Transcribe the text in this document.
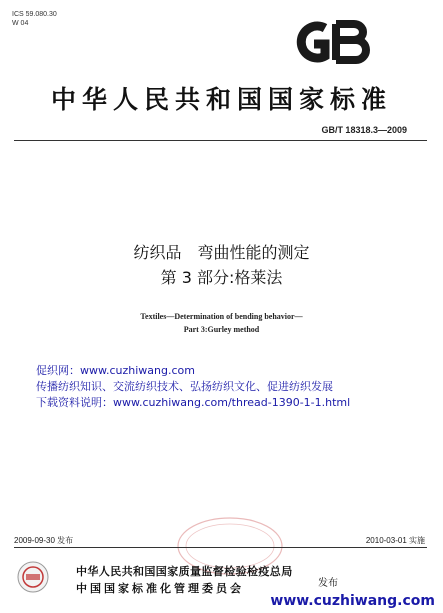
ICS 59.080.30
W 04
中华人民共和国国家标准
GB/T 18318.3—2009
纺织品　弯曲性能的测定
第 3 部分:格莱法
Textiles—Determination of bending behavior—
Part 3:Gurley method
促织网：www.cuzhiwang.com
传播纺织知识、交流纺织技术、弘扬纺织文化、促进纺织发展
下载资料说明：www.cuzhiwang.com/thread-1390-1-1.html
2009-09-30 发布	2010-03-01 实施
中华人民共和国国家质量监督检验检疫总局
中国国家标准化管理委员会	发布
www.cuzhiwang.com
